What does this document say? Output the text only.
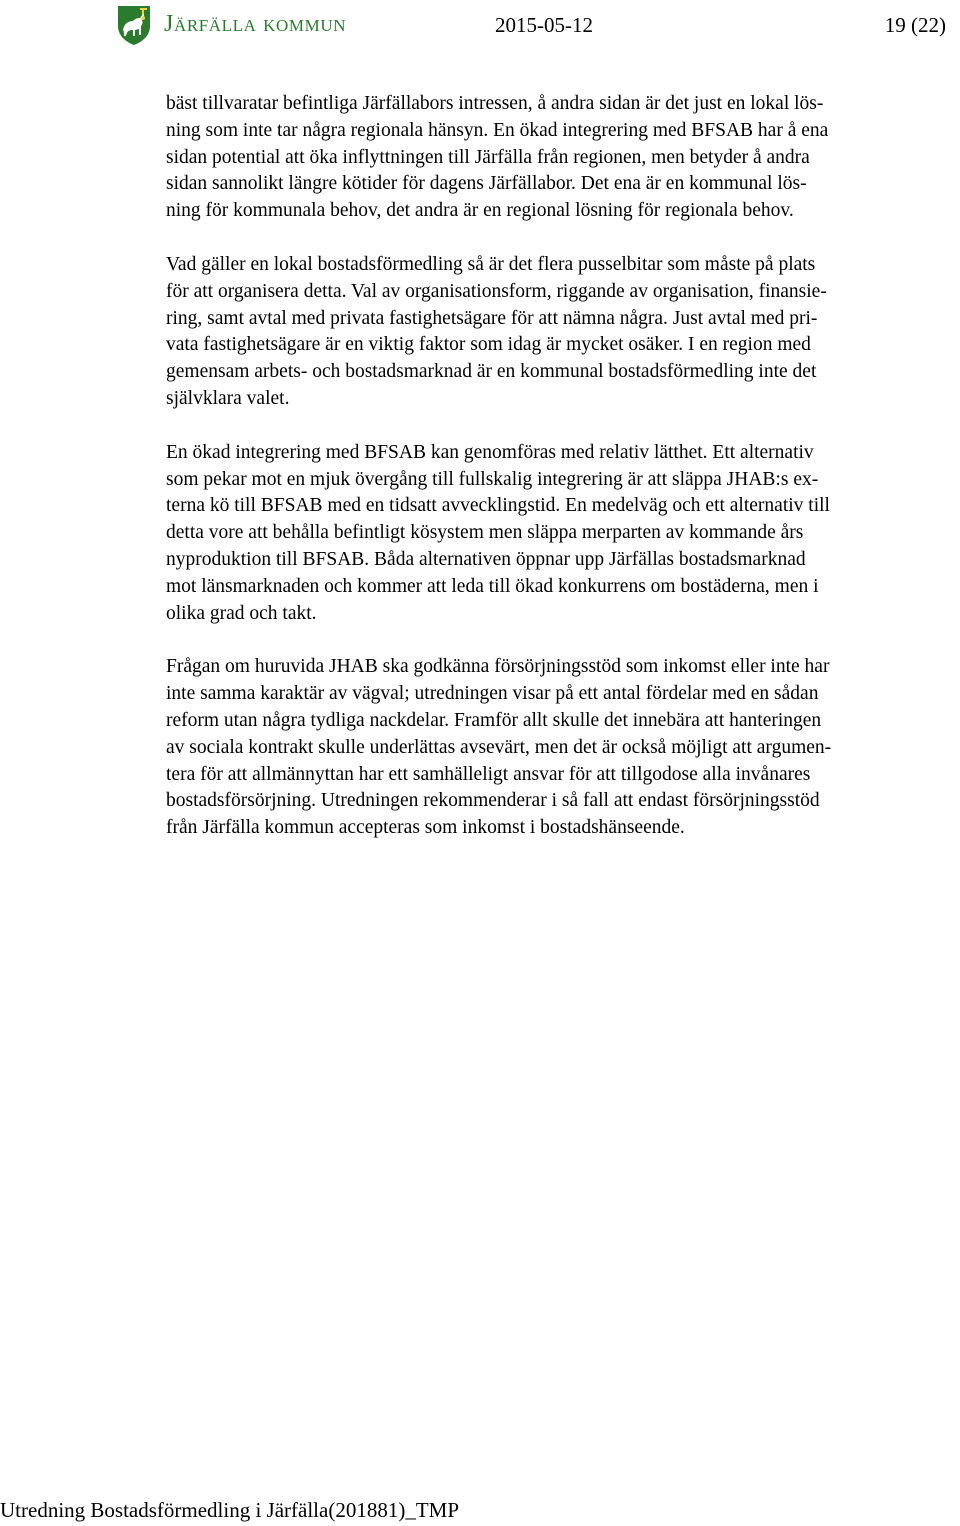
Järfälla kommun	2015-05-12	19 (22)

bäst tillvaratar befintliga Järfällabors intressen, å andra sidan är det just en lokal lös-
ning som inte tar några regionala hänsyn. En ökad integrering med BFSAB har å ena
sidan potential att öka inflyttningen till Järfälla från regionen, men betyder å andra
sidan sannolikt längre kötider för dagens Järfällabor. Det ena är en kommunal lös-
ning för kommunala behov, det andra är en regional lösning för regionala behov.

Vad gäller en lokal bostadsförmedling så är det flera pusselbitar som måste på plats
för att organisera detta. Val av organisationsform, riggande av organisation, finansie-
ring, samt avtal med privata fastighetsägare för att nämna några. Just avtal med pri-
vata fastighetsägare är en viktig faktor som idag är mycket osäker. I en region med
gemensam arbets- och bostadsmarknad är en kommunal bostadsförmedling inte det
självklara valet.

En ökad integrering med BFSAB kan genomföras med relativ lätthet. Ett alternativ
som pekar mot en mjuk övergång till fullskalig integrering är att släppa JHAB:s ex-
terna kö till BFSAB med en tidsatt avvecklingstid. En medelväg och ett alternativ till
detta vore att behålla befintligt kösystem men släppa merparten av kommande års
nyproduktion till BFSAB. Båda alternativen öppnar upp Järfällas bostadsmarknad
mot länsmarknaden och kommer att leda till ökad konkurrens om bostäderna, men i
olika grad och takt.

Frågan om huruvida JHAB ska godkänna försörjningsstöd som inkomst eller inte har
inte samma karaktär av vägval; utredningen visar på ett antal fördelar med en sådan
reform utan några tydliga nackdelar. Framför allt skulle det innebära att hanteringen
av sociala kontrakt skulle underlättas avsevärt, men det är också möjligt att argumen-
tera för att allmännyttan har ett samhälleligt ansvar för att tillgodose alla invånares
bostadsförsörjning. Utredningen rekommenderar i så fall att endast försörjningsstöd
från Järfälla kommun accepteras som inkomst i bostadshänseende.

Utredning Bostadsförmedling i Järfälla(201881)_TMP
